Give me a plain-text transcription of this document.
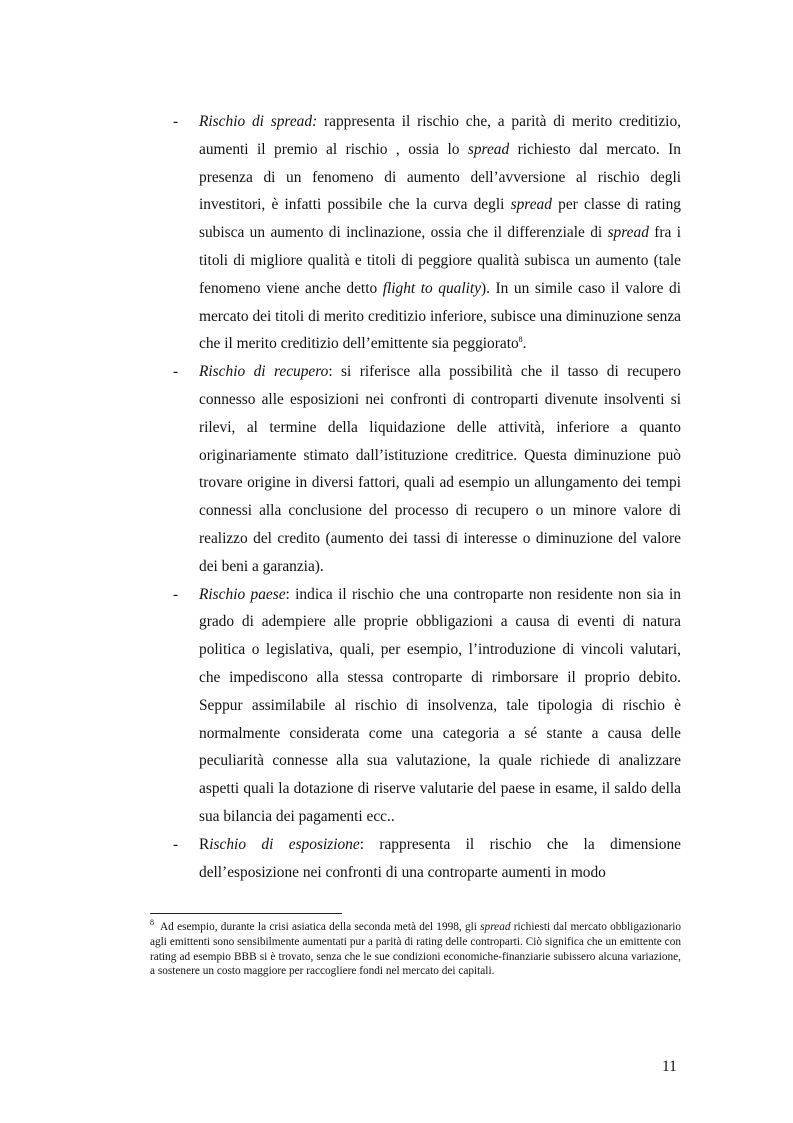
- Rischio di spread: rappresenta il rischio che, a parità di merito creditizio, aumenti il premio al rischio , ossia lo spread richiesto dal mercato. In presenza di un fenomeno di aumento dell’avversione al rischio degli investitori, è infatti possibile che la curva degli spread per classe di rating subisca un aumento di inclinazione, ossia che il differenziale di spread fra i titoli di migliore qualità e titoli di peggiore qualità subisca un aumento (tale fenomeno viene anche detto flight to quality). In un simile caso il valore di mercato dei titoli di merito creditizio inferiore, subisce una diminuzione senza che il merito creditizio dell’emittente sia peggiorato$^8$.
- Rischio di recupero: si riferisce alla possibilità che il tasso di recupero connesso alle esposizioni nei confronti di controparti divenute insolventi si rilevi, al termine della liquidazione delle attività, inferiore a quanto originariamente stimato dall’istituzione creditrice. Questa diminuzione può trovare origine in diversi fattori, quali ad esempio un allungamento dei tempi connessi alla conclusione del processo di recupero o un minore valore di realizzo del credito (aumento dei tassi di interesse o diminuzione del valore dei beni a garanzia).
- Rischio paese: indica il rischio che una controparte non residente non sia in grado di adempiere alle proprie obbligazioni a causa di eventi di natura politica o legislativa, quali, per esempio, l’introduzione di vincoli valutari, che impediscono alla stessa controparte di rimborsare il proprio debito. Seppur assimilabile al rischio di insolvenza, tale tipologia di rischio è normalmente considerata come una categoria a sé stante a causa delle peculiarità connesse alla sua valutazione, la quale richiede di analizzare aspetti quali la dotazione di riserve valutarie del paese in esame, il saldo della sua bilancia dei pagamenti ecc..
- Rischio di esposizione: rappresenta il rischio che la dimensione dell’esposizione nei confronti di una controparte aumenti in modo
$^8$ Ad esempio, durante la crisi asiatica della seconda metà del 1998, gli spread richiesti dal mercato obbligazionario agli emittenti sono sensibilmente aumentati pur a parità di rating delle controparti. Ciò significa che un emittente con rating ad esempio BBB si è trovato, senza che le sue condizioni economiche-finanziarie subissero alcuna variazione, a sostenere un costo maggiore per raccogliere fondi nel mercato dei capitali.
11
